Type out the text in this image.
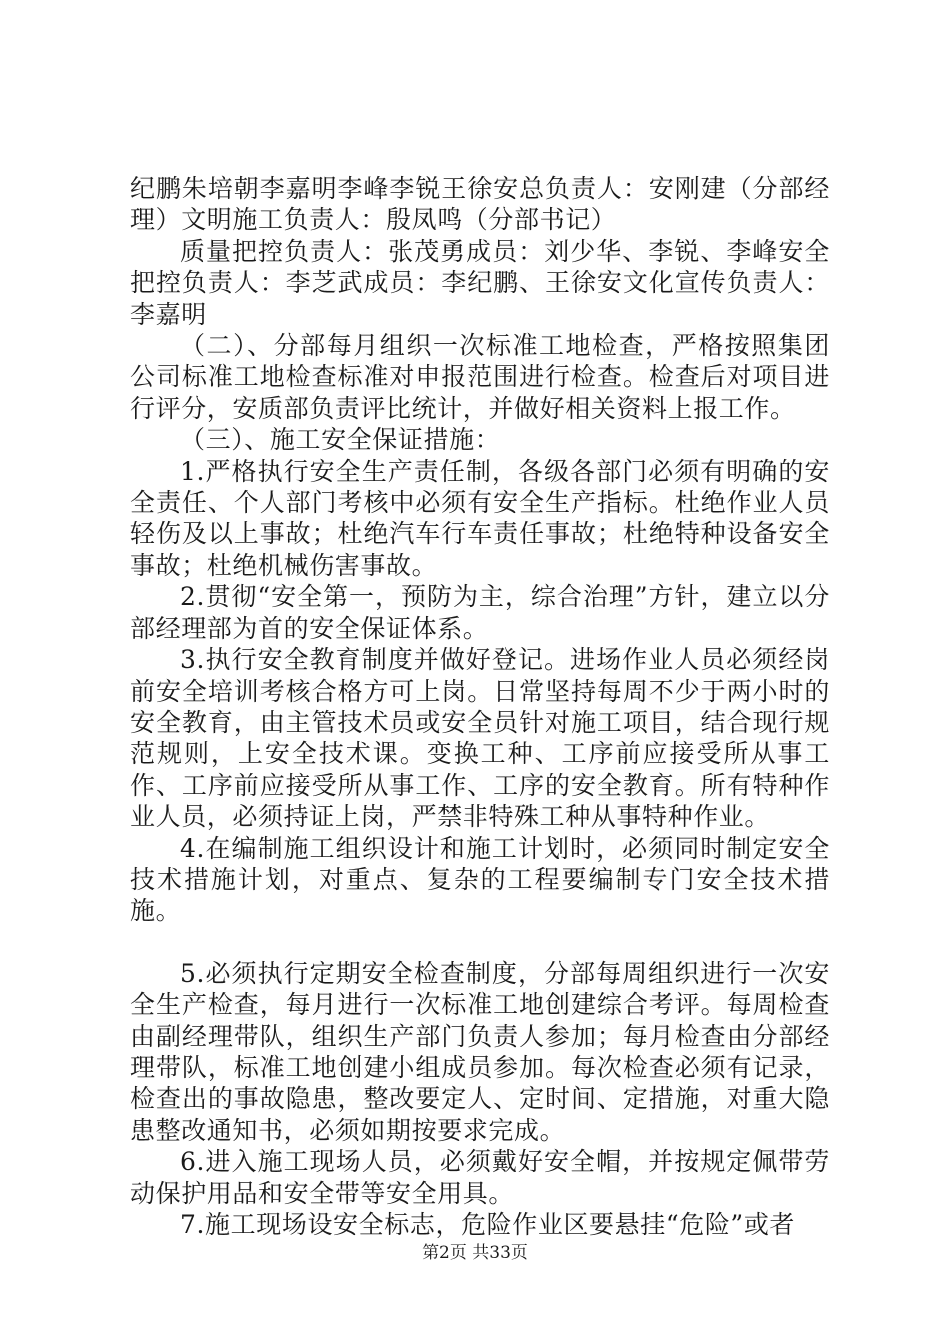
纪鹏朱培朝李嘉明李峰李锐王徐安总负责人：安刚建（分部经理）文明施工负责人：殷凤鸣（分部书记）

质量把控负责人：张茂勇成员：刘少华、李锐、李峰安全把控负责人：李芝武成员：李纪鹏、王徐安文化宣传负责人：李嘉明

（二）、分部每月组织一次标准工地检查，严格按照集团公司标准工地检查标准对申报范围进行检查。检查后对项目进行评分，安质部负责评比统计，并做好相关资料上报工作。

（三）、施工安全保证措施：

1.严格执行安全生产责任制，各级各部门必须有明确的安全责任、个人部门考核中必须有安全生产指标。杜绝作业人员轻伤及以上事故；杜绝汽车行车责任事故；杜绝特种设备安全事故；杜绝机械伤害事故。

2.贯彻“安全第一，预防为主，综合治理”方针，建立以分部经理部为首的安全保证体系。

3.执行安全教育制度并做好登记。进场作业人员必须经岗前安全培训考核合格方可上岗。日常坚持每周不少于两小时的安全教育，由主管技术员或安全员针对施工项目，结合现行规范规则，上安全技术课。变换工种、工序前应接受所从事工作、工序前应接受所从事工作、工序的安全教育。所有特种作业人员，必须持证上岗，严禁非特殊工种从事特种作业。

4.在编制施工组织设计和施工计划时，必须同时制定安全技术措施计划，对重点、复杂的工程要编制专门安全技术措施。

5.必须执行定期安全检查制度，分部每周组织进行一次安全生产检查，每月进行一次标准工地创建综合考评。每周检查由副经理带队，组织生产部门负责人参加；每月检查由分部经理带队，标准工地创建小组成员参加。每次检查必须有记录，检查出的事故隐患，整改要定人、定时间、定措施，对重大隐患整改通知书，必须如期按要求完成。

6.进入施工现场人员，必须戴好安全帽，并按规定佩带劳动保护用品和安全带等安全用具。

7.施工现场设安全标志，危险作业区要悬挂“危险”或者

第2页 共33页
